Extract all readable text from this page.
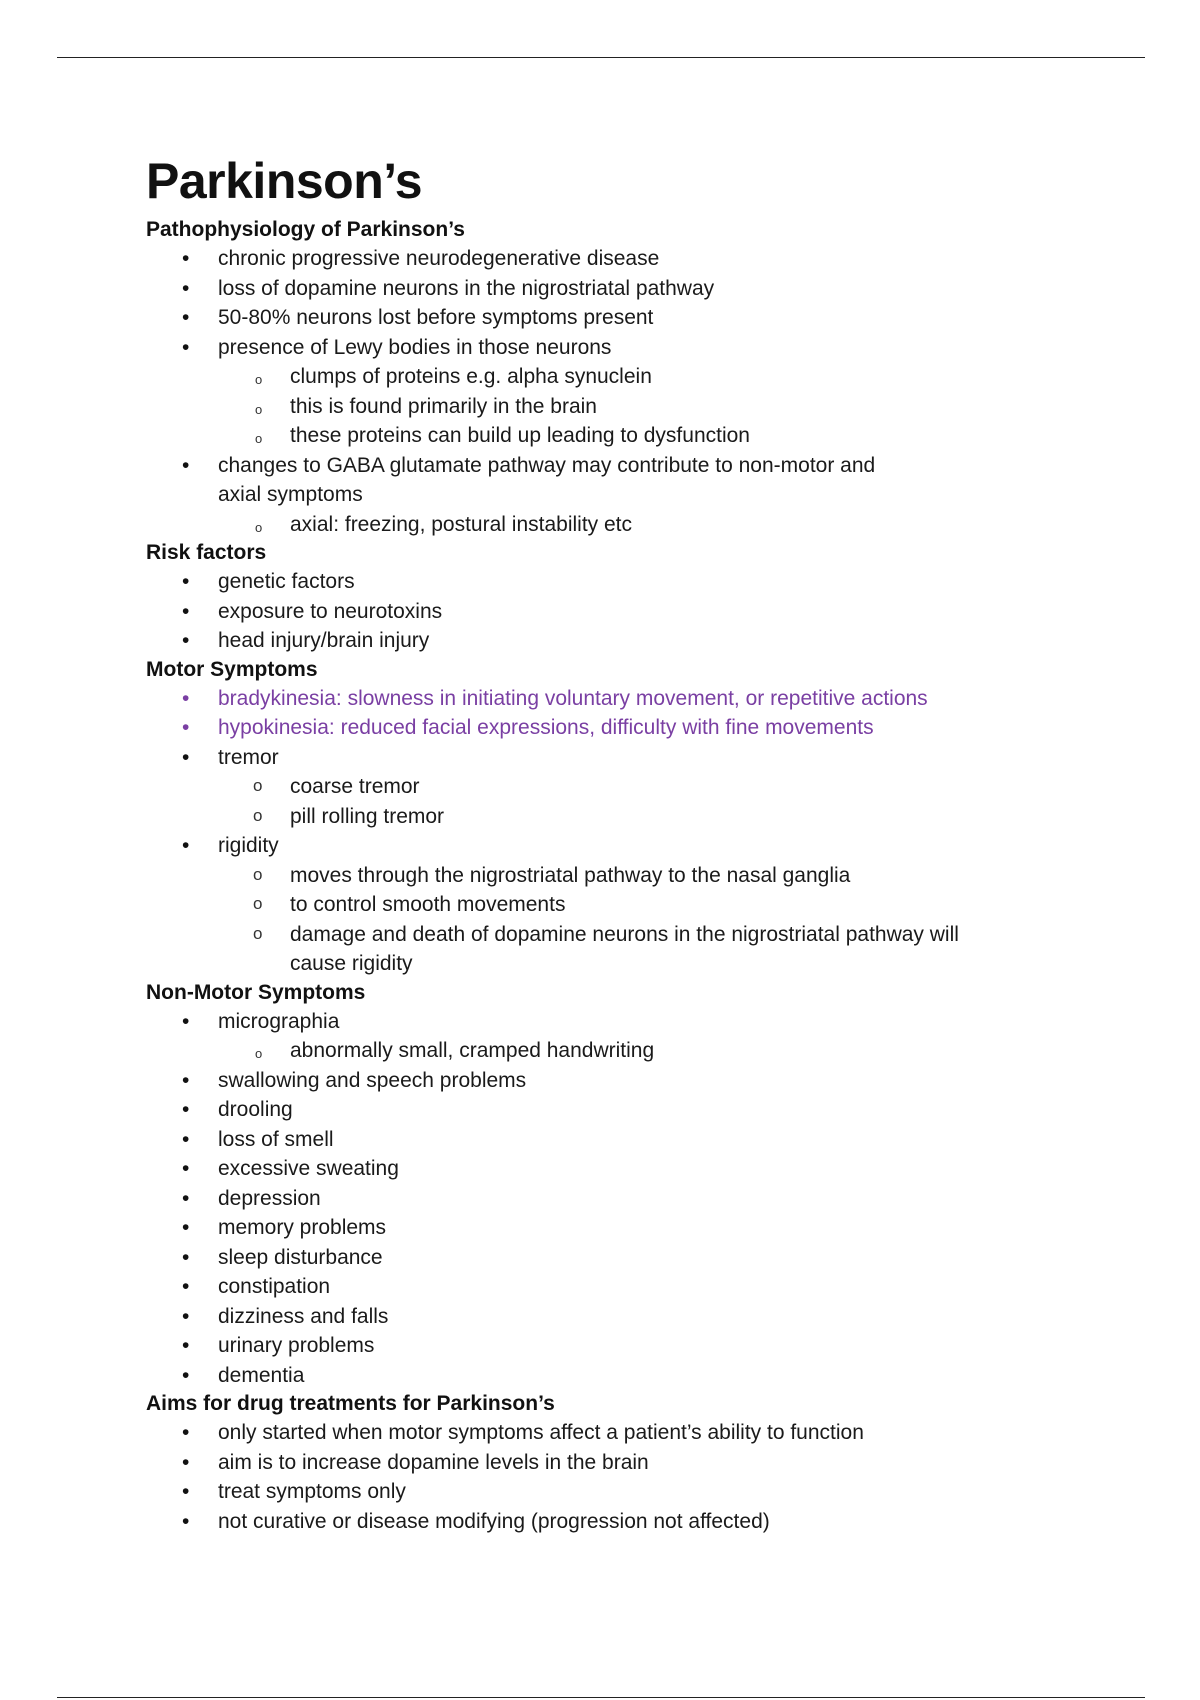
Parkinson’s
Pathophysiology of Parkinson’s
• chronic progressive neurodegenerative disease
• loss of dopamine neurons in the nigrostriatal pathway
• 50-80% neurons lost before symptoms present
• presence of Lewy bodies in those neurons
o clumps of proteins e.g. alpha synuclein
o this is found primarily in the brain
o these proteins can build up leading to dysfunction
• changes to GABA glutamate pathway may contribute to non-motor and axial symptoms
o axial: freezing, postural instability etc
Risk factors
• genetic factors
• exposure to neurotoxins
• head injury/brain injury
Motor Symptoms
• bradykinesia: slowness in initiating voluntary movement, or repetitive actions
• hypokinesia: reduced facial expressions, difficulty with fine movements
• tremor
o coarse tremor
o pill rolling tremor
• rigidity
o moves through the nigrostriatal pathway to the nasal ganglia
o to control smooth movements
o damage and death of dopamine neurons in the nigrostriatal pathway will cause rigidity
Non-Motor Symptoms
• micrographia
o abnormally small, cramped handwriting
• swallowing and speech problems
• drooling
• loss of smell
• excessive sweating
• depression
• memory problems
• sleep disturbance
• constipation
• dizziness and falls
• urinary problems
• dementia
Aims for drug treatments for Parkinson’s
• only started when motor symptoms affect a patient’s ability to function
• aim is to increase dopamine levels in the brain
• treat symptoms only
• not curative or disease modifying (progression not affected)
